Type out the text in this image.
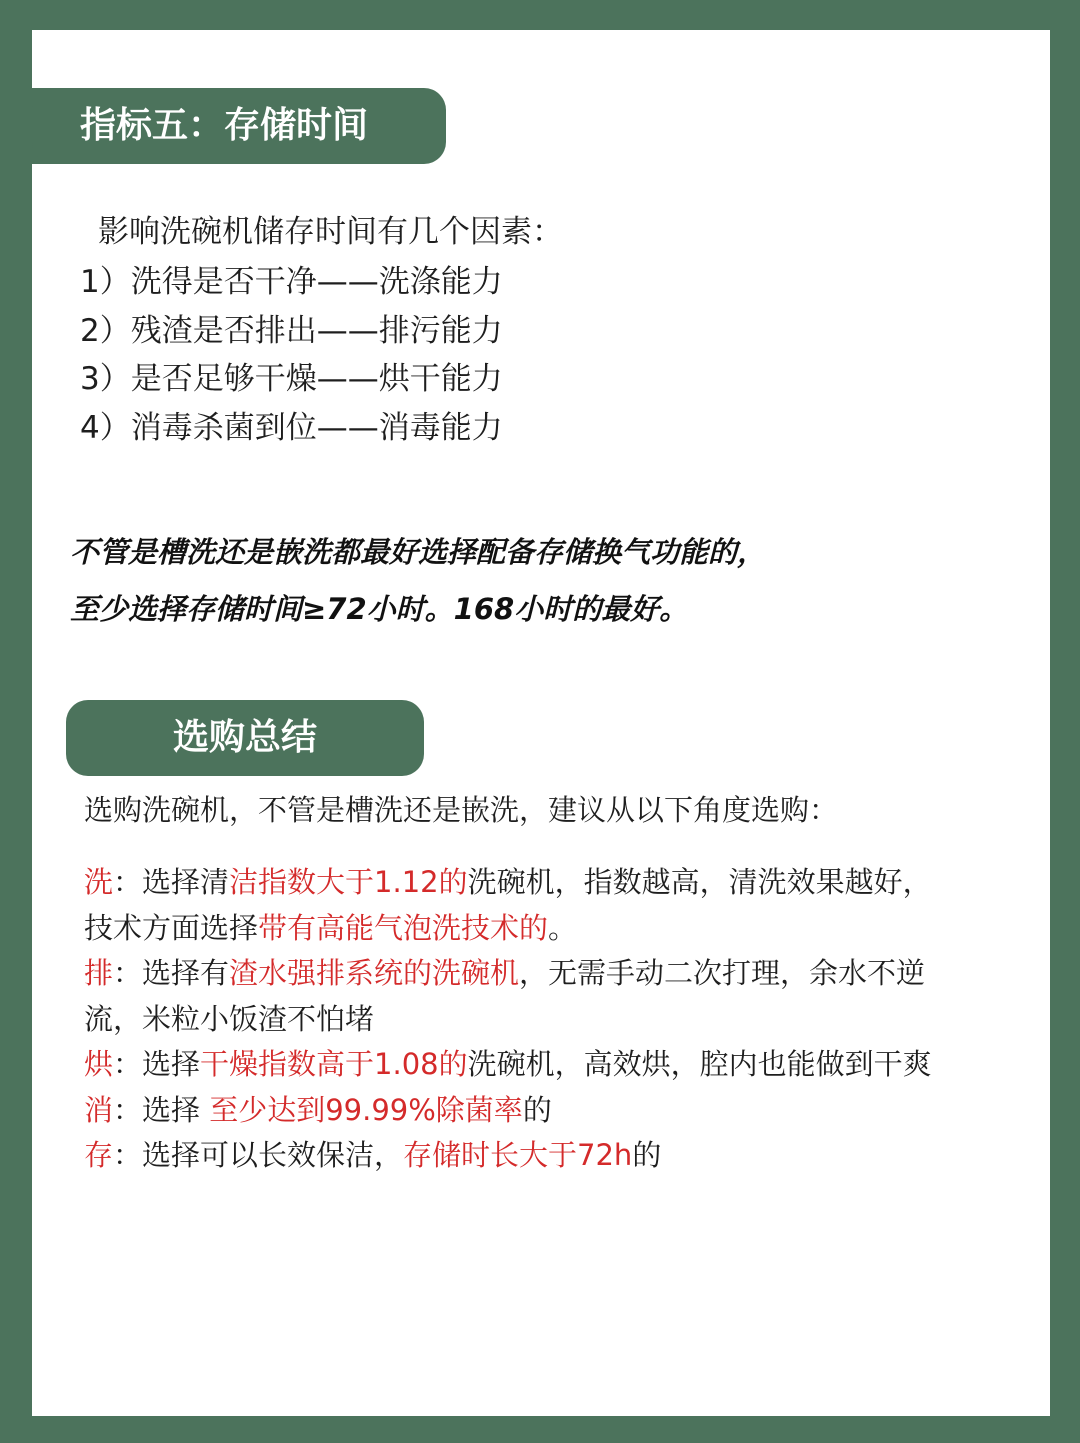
指标五：存储时间
影响洗碗机储存时间有几个因素：
1）洗得是否干净——洗涤能力
2）残渣是否排出——排污能力
3）是否足够干燥——烘干能力
4）消毒杀菌到位——消毒能力
不管是槽洗还是嵌洗都最好选择配备存储换气功能的，
至少选择存储时间≥72小时。168小时的最好。
选购总结
选购洗碗机，不管是槽洗还是嵌洗，建议从以下角度选购：
洗：选择清洁指数大于1.12的洗碗机，指数越高，清洗效果越好，技术方面选择带有高能气泡洗技术的。
排：选择有渣水强排系统的洗碗机，无需手动二次打理，余水不逆流，米粒小饭渣不怕堵
烘：选择干燥指数高于1.08的洗碗机，高效烘，腔内也能做到干爽
消：选择 至少达到99.99%除菌率的
存：选择可以长效保洁，存储时长大于72h的
